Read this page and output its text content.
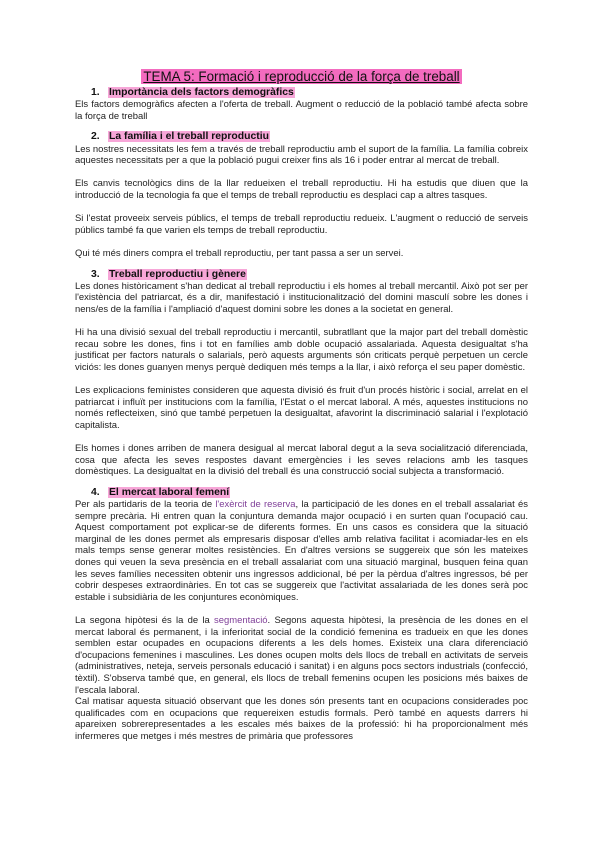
TEMA 5: Formació i reproducció de la força de treball
1. Importància dels factors demogràfics

Els factors demogràfics afecten a l'oferta de treball. Augment o reducció de la població també afecta sobre la força de treball

2. La família i el treball reproductiu

Les nostres necessitats les fem a través de treball reproductiu amb el suport de la família. La família cobreix aquestes necessitats per a que la població pugui creixer fins als 16 i poder entrar al mercat de treball.

Els canvis tecnològics dins de la llar redueixen el treball reproductiu. Hi ha estudis que diuen que la introducció de la tecnologia fa que el temps de treball reproductiu es desplaci cap a altres tasques.

Si l'estat proveeix serveis públics, el temps de treball reproductiu redueix. L'augment o reducció de serveis públics també fa que varien els temps de treball reproductiu.

Qui té més diners compra el treball reproductiu, per tant passa a ser un servei.

3. Treball reproductiu i gènere

Les dones històricament s'han dedicat al treball reproductiu i els homes al treball mercantil. Això pot ser per l'existència del patriarcat, és a dir, manifestació i institucionalització del domini masculí sobre les dones i nens/es de la família i l'ampliació d'aquest domini sobre les dones a la societat en general.

Hi ha una divisió sexual del treball reproductiu i mercantil, subratllant que la major part del treball domèstic recau sobre les dones, fins i tot en famílies amb doble ocupació assalariada. Aquesta desigualtat s'ha justificat per factors naturals o salarials, però aquests arguments són criticats perquè perpetuen un cercle viciós: les dones guanyen menys perquè dediquen més temps a la llar, i això reforça el seu paper domèstic.

Les explicacions feministes consideren que aquesta divisió és fruit d'un procés històric i social, arrelat en el patriarcat i influït per institucions com la família, l'Estat o el mercat laboral. A més, aquestes institucions no només reflecteixen, sinó que també perpetuen la desigualtat, afavorint la discriminació salarial i l'explotació capitalista.

Els homes i dones arriben de manera desigual al mercat laboral degut a la seva socialització diferenciada, cosa que afecta les seves respostes davant emergències i les seves relacions amb les tasques domèstiques. La desigualtat en la divisió del treball és una construcció social subjecta a transformació.

4. El mercat laboral femení

Per als partidaris de la teoria de l'exèrcit de reserva, la participació de les dones en el treball assalariat és sempre precària. Hi entren quan la conjuntura demanda major ocupació i en surten quan l'ocupació cau. Aquest comportament pot explicar-se de diferents formes. En uns casos es considera que la situació marginal de les dones permet als empresaris disposar d'elles amb relativa facilitat i acomiadar-les en els mals temps sense generar moltes resistències. En d'altres versions se suggereix que són les mateixes dones qui veuen la seva presència en el treball assalariat com una situació marginal, busquen feina quan les seves famílies necessiten obtenir uns ingressos addicional, bé per la pèrdua d'altres ingressos, bé per cobrir despeses extraordinàries. En tot cas se suggereix que l'activitat assalariada de les dones serà poc estable i subsidiària de les conjuntures econòmiques.

La segona hipòtesi és la de la segmentació. Segons aquesta hipòtesi, la presència de les dones en el mercat laboral és permanent, i la inferioritat social de la condició femenina es tradueix en que les dones semblen estar ocupades en ocupacions diferents a les dels homes. Existeix una clara diferenciació d'ocupacions femenines i masculines. Les dones ocupen molts dels llocs de treball en activitats de serveis (administratives, neteja, serveis personals educació i sanitat) i en alguns pocs sectors industrials (confecció, tèxtil). S'observa també que, en general, els llocs de treball femenins ocupen les posicions més baixes de l'escala laboral.

Cal matisar aquesta situació observant que les dones són presents tant en ocupacions considerades poc qualificades com en ocupacions que requereixen estudis formals. Però també en aquests darrers hi apareixen sobrerepresentades a les escales més baixes de la professió: hi ha proporcionalment més infermeres que metges i més mestres de primària que professores
